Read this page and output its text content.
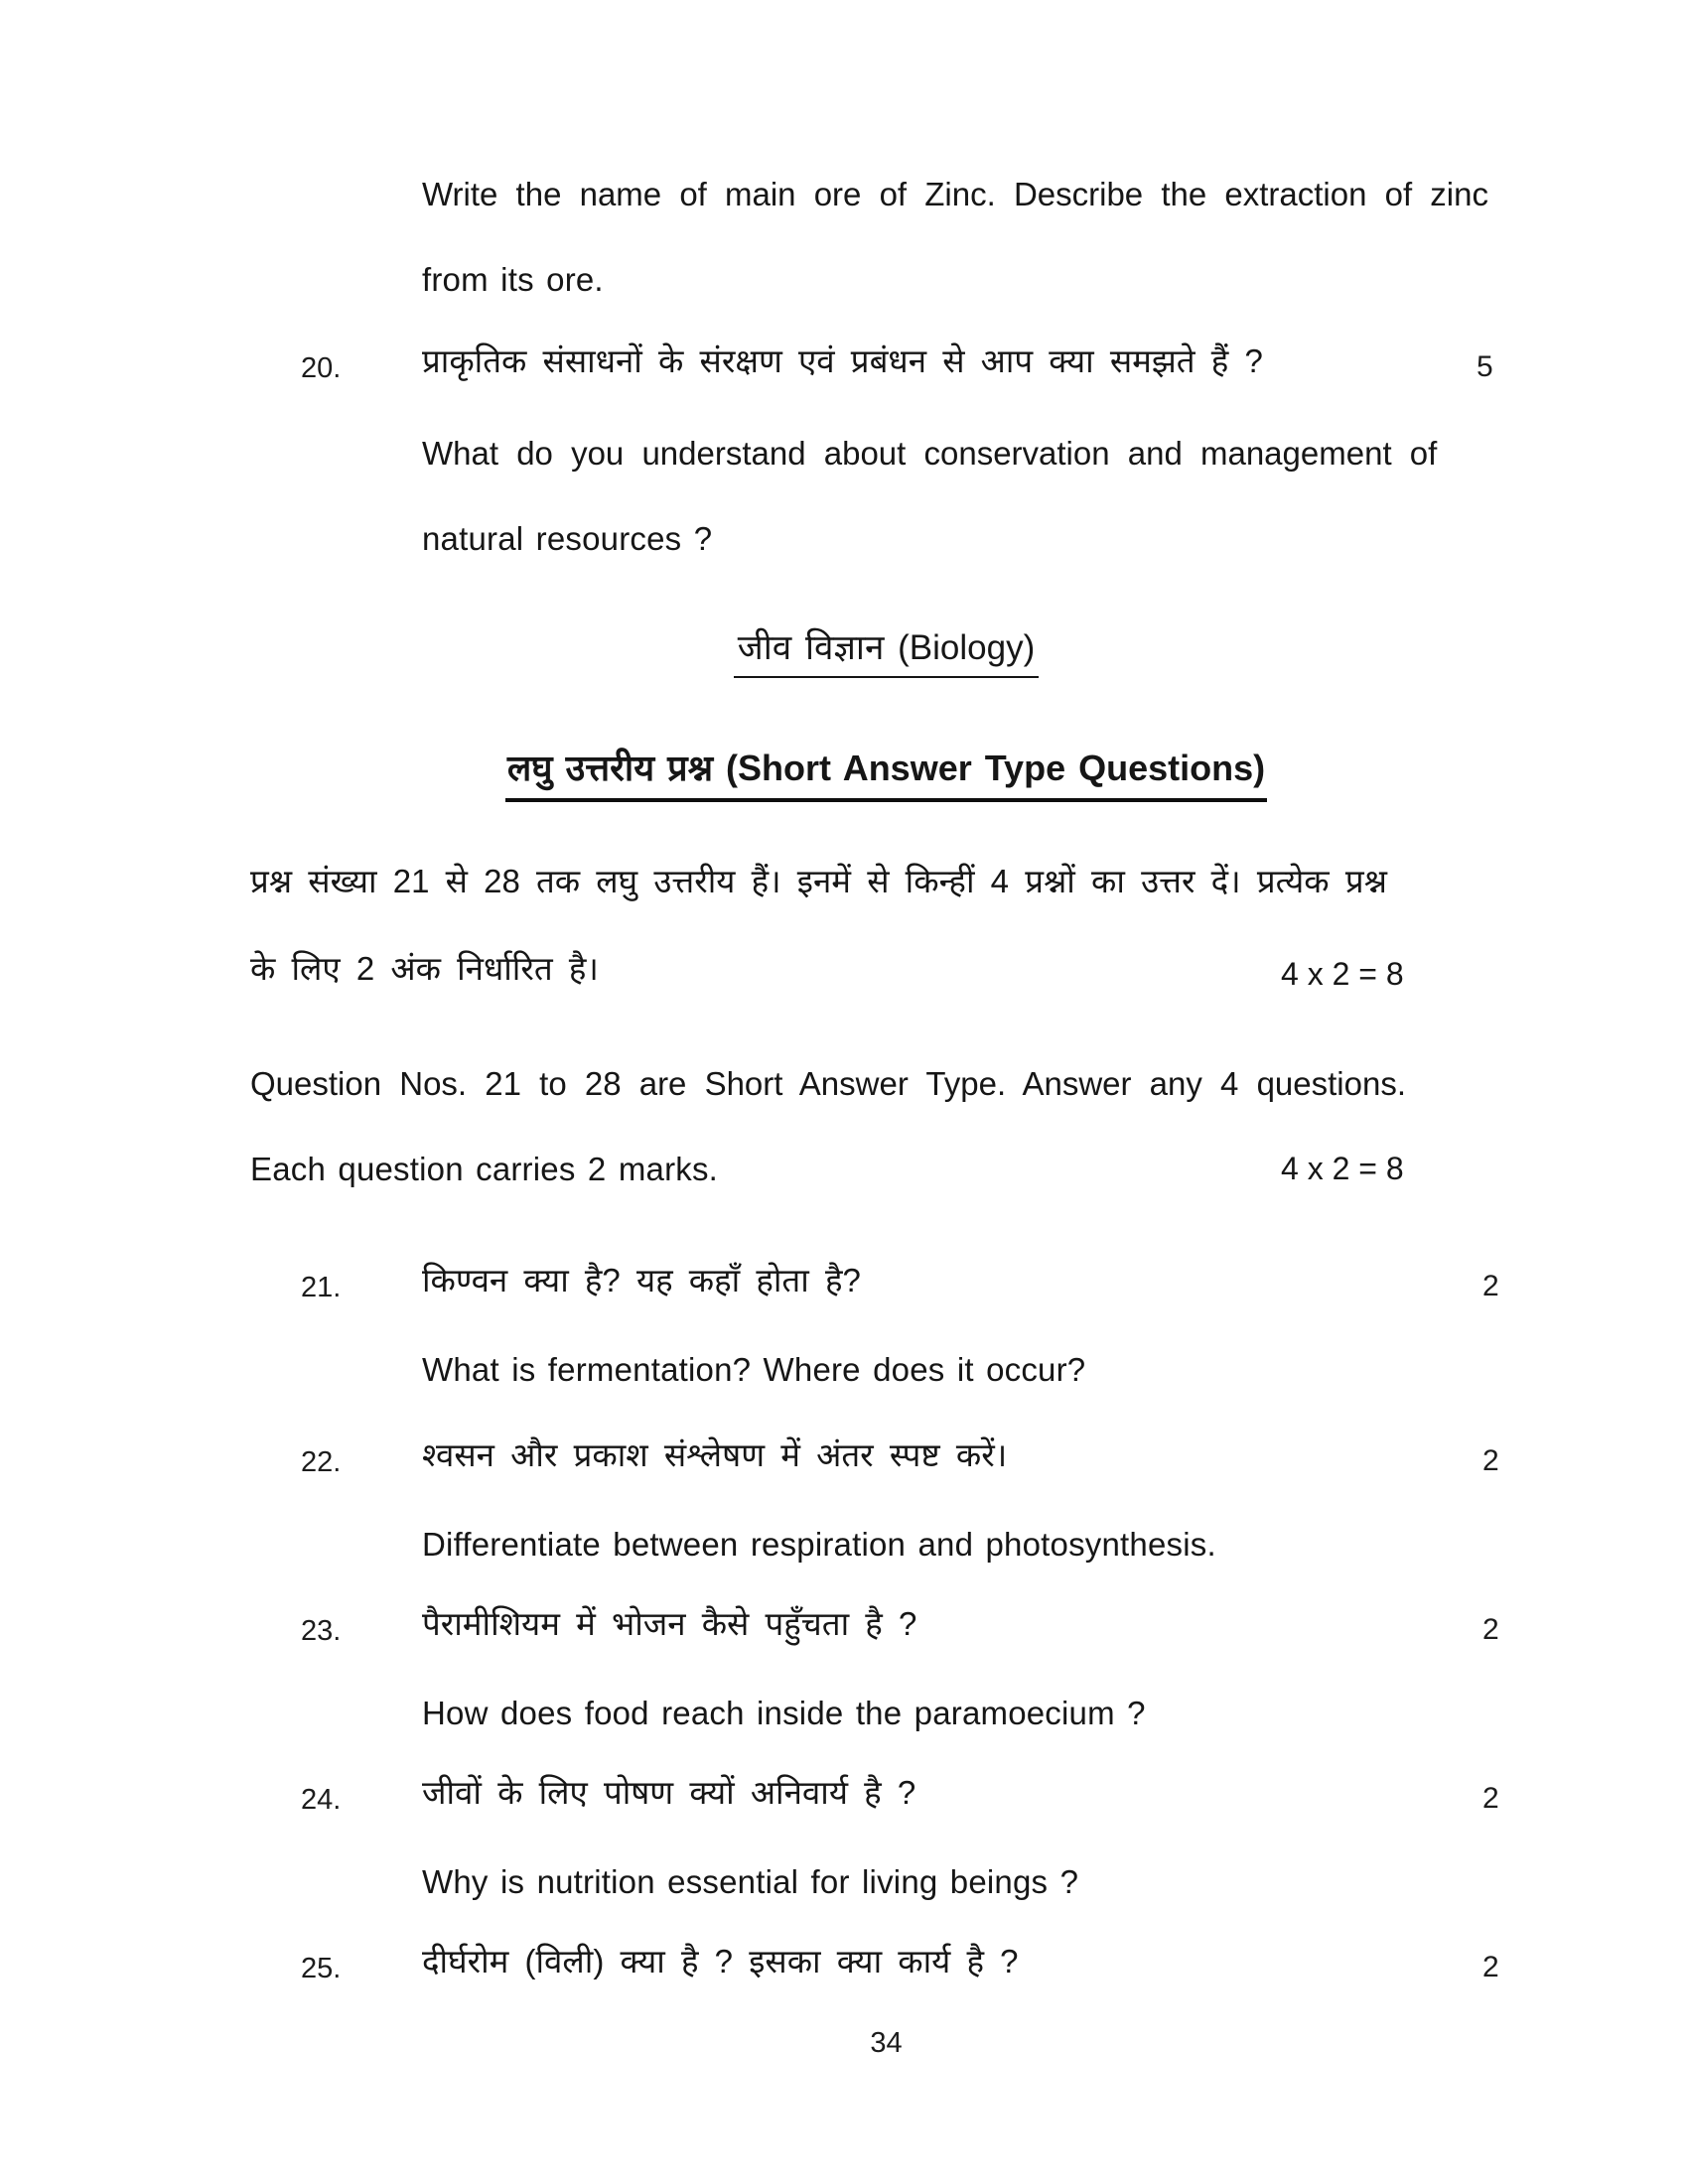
Write the name of main ore of Zinc. Describe the extraction of zinc
from its ore.
20. प्राकृतिक संसाधनों के संरक्षण एवं प्रबंधन से आप क्या समझते हैं ?	5
What do you understand about conservation and management of
natural resources ?
जीव विज्ञान (Biology)
लघु उत्तरीय प्रश्न (Short Answer Type Questions)
प्रश्न संख्या 21 से 28 तक लघु उत्तरीय हैं। इनमें से किन्हीं 4 प्रश्नों का उत्तर दें। प्रत्येक प्रश्न
के लिए 2 अंक निर्धारित है।	4 x 2 = 8
Question Nos. 21 to 28 are Short Answer Type. Answer any 4 questions.
Each question carries 2 marks.	4 x 2 = 8
21. किण्वन क्या है? यह कहाँ होता है?	2
What is fermentation? Where does it occur?
22. श्वसन और प्रकाश संश्लेषण में अंतर स्पष्ट करें।	2
Differentiate between respiration and photosynthesis.
23. पैरामीशियम में भोजन कैसे पहुँचता है ?	2
How does food reach inside the paramoecium ?
24. जीवों के लिए पोषण क्यों अनिवार्य है ?	2
Why is nutrition essential for living beings ?
25. दीर्घरोम (विली) क्या है ? इसका क्या कार्य है ?	2
34
